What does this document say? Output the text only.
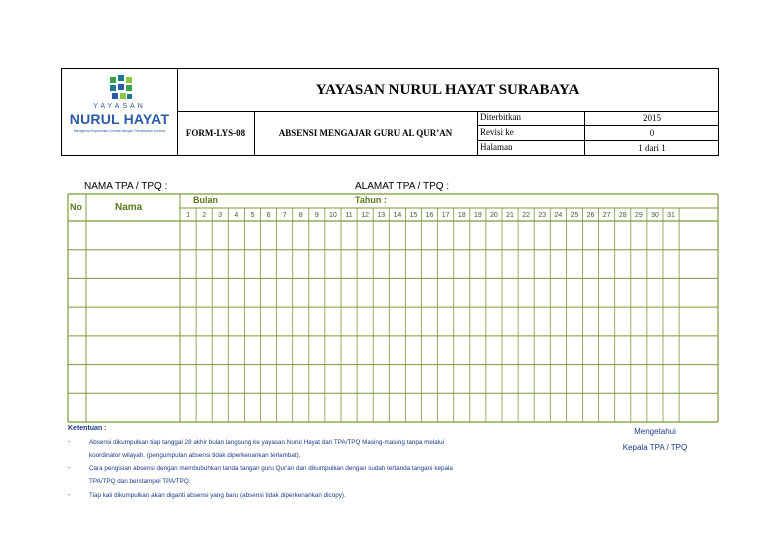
YAYASAN
NURUL HAYAT
Mengelola Kepedulian Ummat dengan Pendekatan Ummat
YAYASAN NURUL HAYAT SURABAYA
FORM-LYS-08	ABSENSI MENGAJAR GURU AL QUR’AN
Diterbitkan	2015
Revisi ke	0
Halaman	1 dari 1
NAMA TPA / TPQ :	ALAMAT TPA / TPQ :
No	Nama
Bulan	Tahun :
1	2	3	4	5	6	7	8	9	10	11	12	13	14	15	16	17	18	19	20	21	22	23	24	25	26	27	28	29	30	31
Ketentuan :
-	Absensi dikumpulkan tiap tanggal 28 akhir bulan langsung ke yayasan Nurul Hayat dari TPA/TPQ Masing-masing tanpa melalui
koordinator wilayah. (pengumpulan absensi tidak diperkenankan terlambat).
-	Cara pengisian absensi dengan membubuhkan tanda tangan guru Qur'an dan dikumpulkan dengan sudah tertanda tangani kepala
TPA/TPQ dan berstampel TPA/TPQ.
-	Tiap kali dikumpulkan akan diganti absensi yang baru (absensi tidak diperkenankan dicopy).
Mengetahui
Kepala TPA / TPQ
